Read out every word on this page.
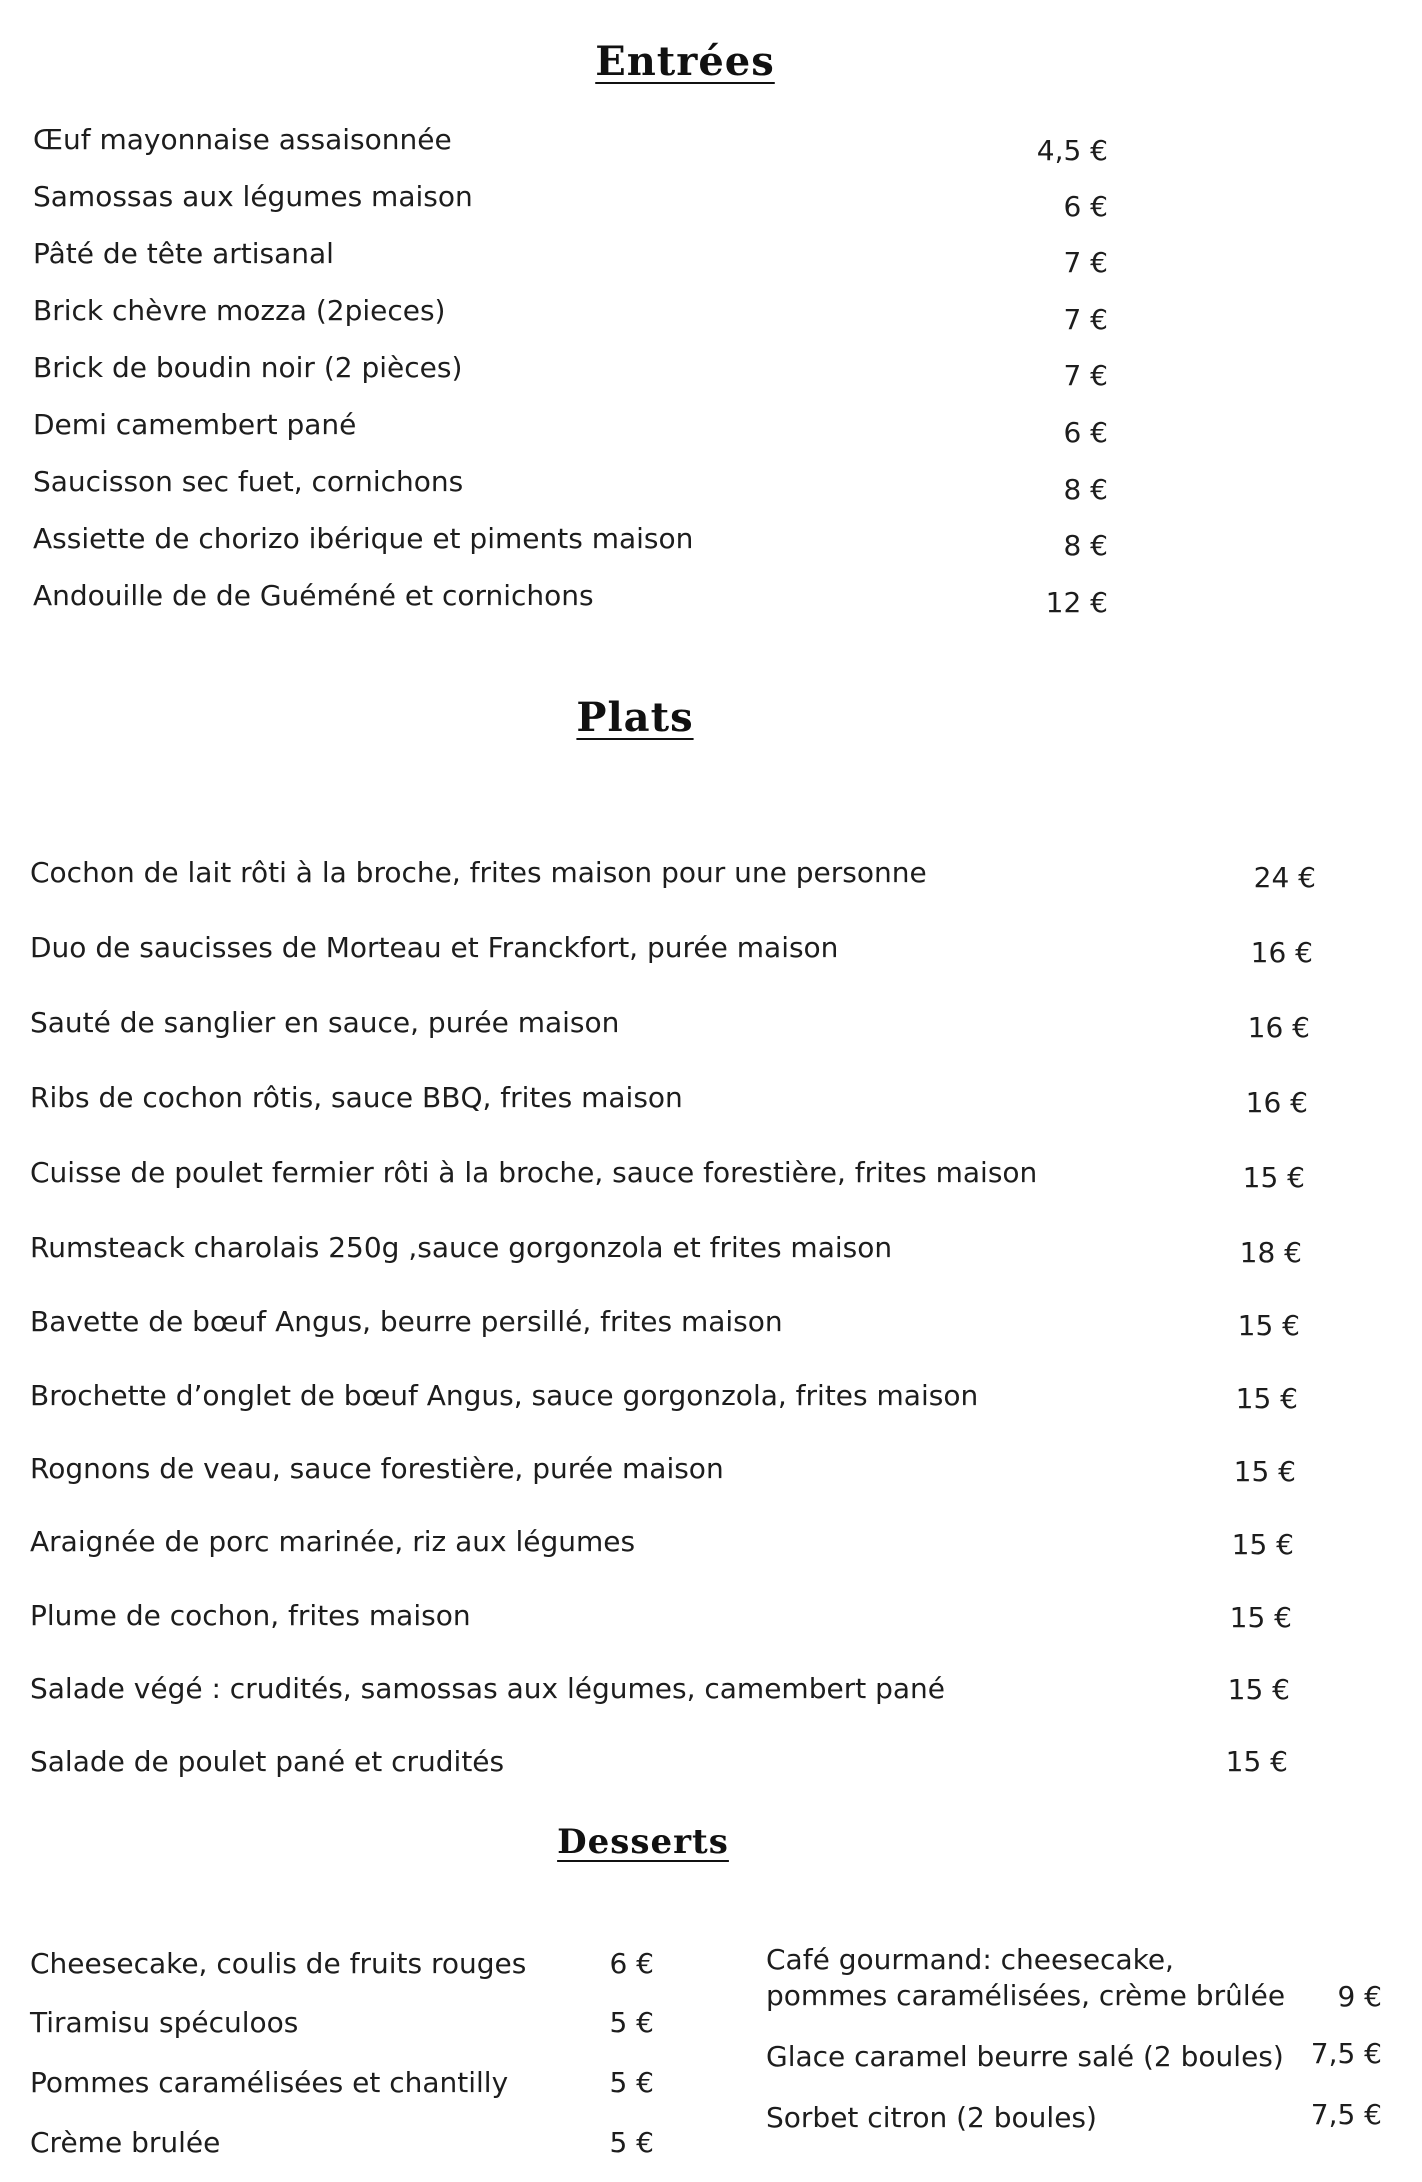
Entrées
Œuf mayonnaise assaisonnée	4,5 €
Samossas aux légumes maison	6 €
Pâté de tête artisanal	7 €
Brick chèvre mozza (2pieces)	7 €
Brick de boudin noir (2 pièces)	7 €
Demi camembert pané	6 €
Saucisson sec fuet, cornichons	8 €
Assiette de chorizo ibérique et piments maison	8 €
Andouille de de Guéméné et cornichons	12 €
Plats
Cochon de lait rôti à la broche, frites maison pour une personne	24 €
Duo de saucisses de Morteau et Franckfort, purée maison	16 €
Sauté de sanglier en sauce, purée maison	16 €
Ribs de cochon rôtis, sauce BBQ, frites maison	16 €
Cuisse de poulet fermier rôti à la broche, sauce forestière, frites maison	15 €
Rumsteack charolais 250g ,sauce gorgonzola et frites maison	18 €
Bavette de bœuf Angus, beurre persillé, frites maison	15 €
Brochette d’onglet de bœuf Angus, sauce gorgonzola, frites maison	15 €
Rognons de veau, sauce forestière, purée maison	15 €
Araignée de porc marinée, riz aux légumes	15 €
Plume de cochon, frites maison	15 €
Salade végé : crudités, samossas aux légumes, camembert pané	15 €
Salade de poulet pané et crudités	15 €
Desserts
Cheesecake, coulis de fruits rouges	6 €
Tiramisu spéculoos	5 €
Pommes caramélisées et chantilly	5 €
Crème brulée	5 €
Café gourmand: cheesecake, pommes caramélisées, crème brûlée	9 €
Glace caramel beurre salé (2 boules) 7,5 €
Sorbet citron (2 boules)	7,5 €
